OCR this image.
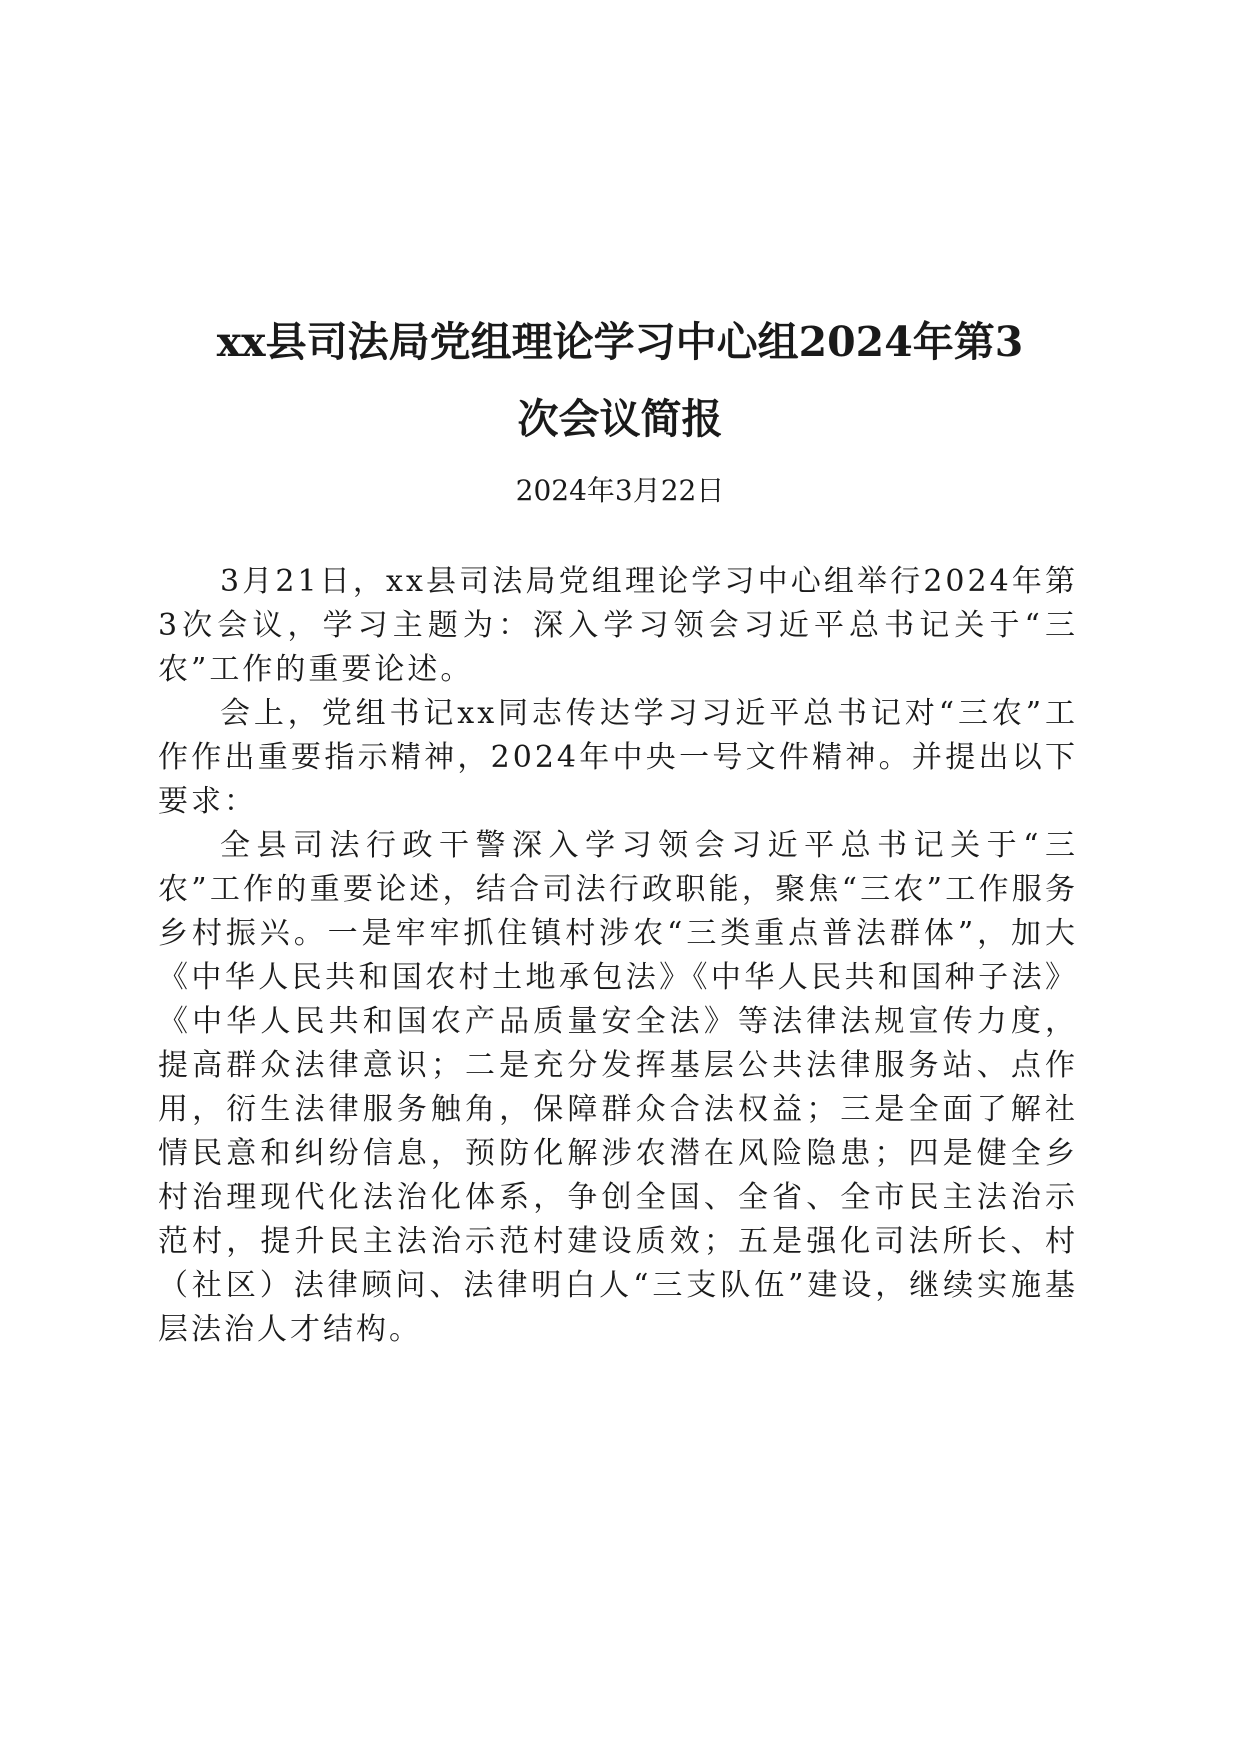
xx县司法局党组理论学习中心组2024年第3
次会议简报
2024年3月22日

3月21日，xx县司法局党组理论学习中心组举行2024年第3次会议，学习主题为：深入学习领会习近平总书记关于“三农”工作的重要论述。

会上，党组书记xx同志传达学习习近平总书记对“三农”工作作出重要指示精神，2024年中央一号文件精神。并提出以下要求：

全县司法行政干警深入学习领会习近平总书记关于“三农”工作的重要论述，结合司法行政职能，聚焦“三农”工作服务乡村振兴。一是牢牢抓住镇村涉农“三类重点普法群体”，加大《中华人民共和国农村土地承包法》《中华人民共和国种子法》《中华人民共和国农产品质量安全法》等法律法规宣传力度，提高群众法律意识；二是充分发挥基层公共法律服务站、点作用，衍生法律服务触角，保障群众合法权益；三是全面了解社情民意和纠纷信息，预防化解涉农潜在风险隐患；四是健全乡村治理现代化法治化体系，争创全国、全省、全市民主法治示范村，提升民主法治示范村建设质效；五是强化司法所长、村（社区）法律顾问、法律明白人“三支队伍”建设，继续实施基层法治人才结构。
